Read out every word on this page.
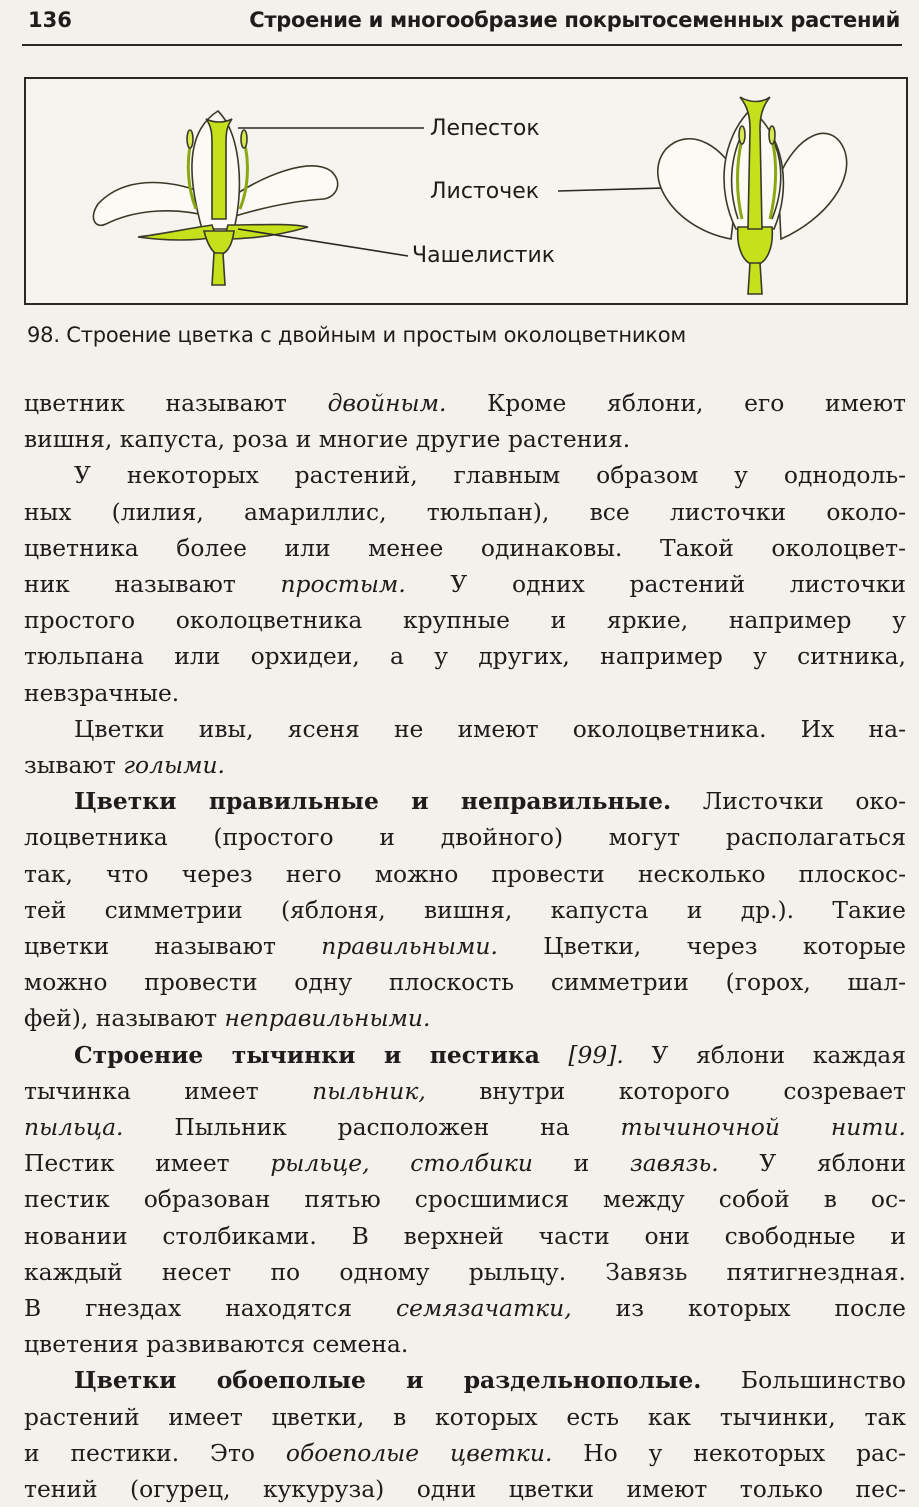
136	Строение и многообразие покрытосеменных растений
Лепесток
Листочек
Чашелистик
98. Строение цветка с двойным и простым околоцветником
цветник называют двойным. Кроме яблони, его имеют
вишня, капуста, роза и многие другие растения.
У некоторых растений, главным образом у однодоль-
ных (лилия, амариллис, тюльпан), все листочки около-
цветника более или менее одинаковы. Такой околоцвет-
ник называют простым. У одних растений листочки
простого околоцветника крупные и яркие, например у
тюльпана или орхидеи, а у других, например у ситника,
невзрачные.
Цветки ивы, ясеня не имеют околоцветника. Их на-
зывают голыми.
Цветки правильные и неправильные. Листочки око-
лоцветника (простого и двойного) могут располагаться
так, что через него можно провести несколько плоскос-
тей симметрии (яблоня, вишня, капуста и др.). Такие
цветки называют правильными. Цветки, через которые
можно провести одну плоскость симметрии (горох, шал-
фей), называют неправильными.
Строение тычинки и пестика [99]. У яблони каждая
тычинка имеет пыльник, внутри которого созревает
пыльца. Пыльник расположен на тычиночной нити.
Пестик имеет рыльце, столбики и завязь. У яблони
пестик образован пятью сросшимися между собой в ос-
новании столбиками. В верхней части они свободные и
каждый несет по одному рыльцу. Завязь пятигнездная.
В гнездах находятся семязачатки, из которых после
цветения развиваются семена.
Цветки обоеполые и раздельнополые. Большинство
растений имеет цветки, в которых есть как тычинки, так
и пестики. Это обоеполые цветки. Но у некоторых рас-
тений (огурец, кукуруза) одни цветки имеют только пес-
